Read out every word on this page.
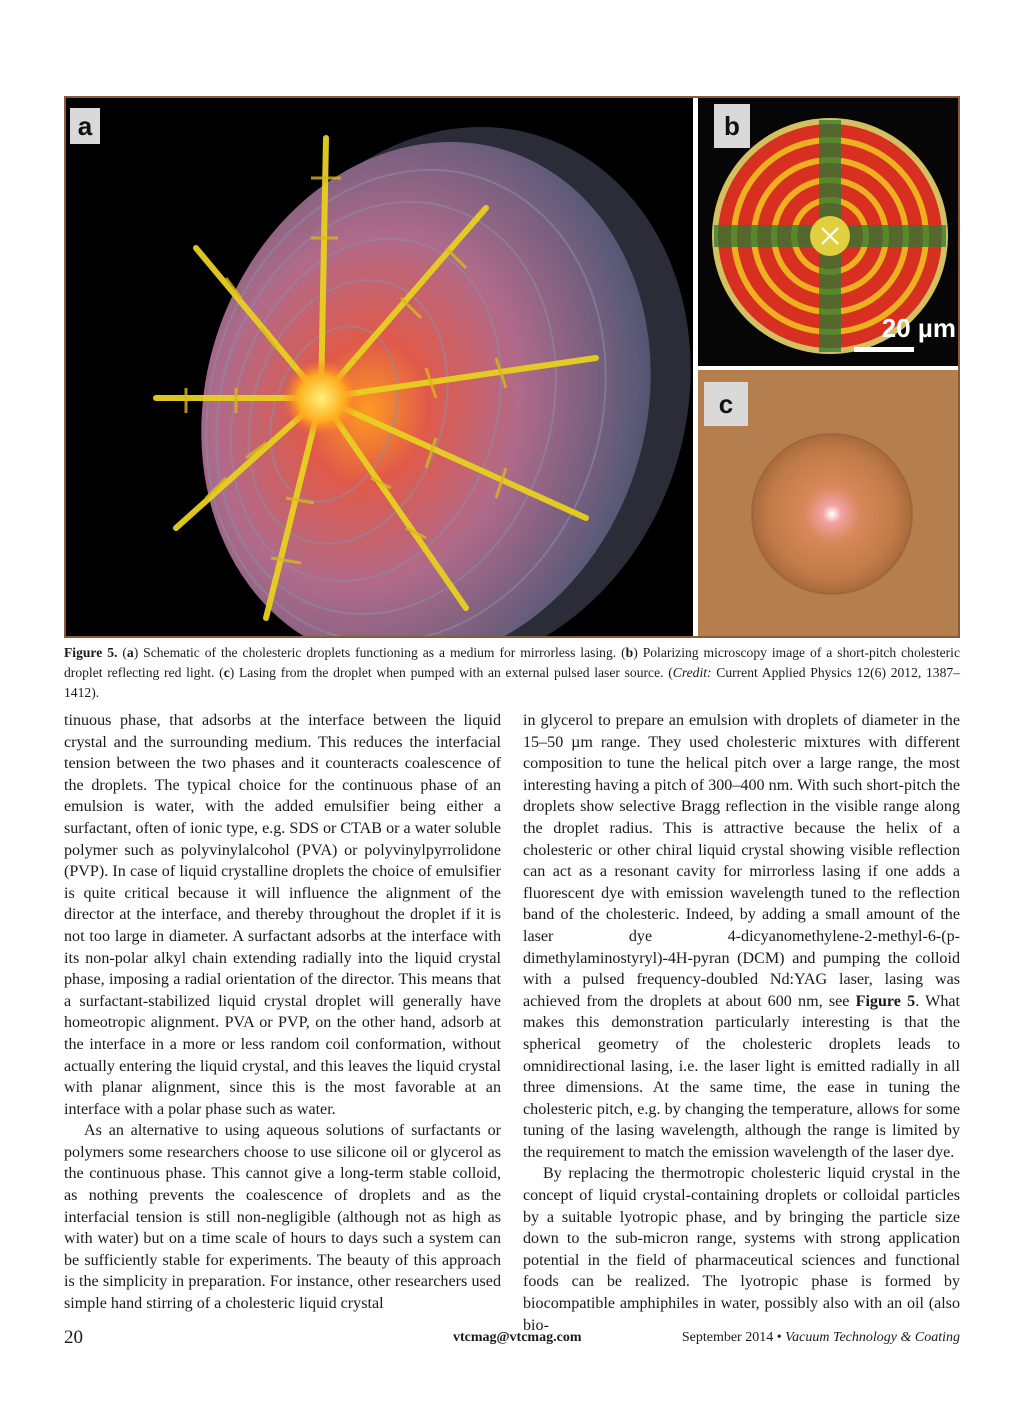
a	b
20 µm
c
Figure 5. (a) Schematic of the cholesteric droplets functioning as a medium for mirrorless lasing. (b) Polarizing microscopy image of a short-pitch cholesteric droplet reflecting red light. (c) Lasing from the droplet when pumped with an external pulsed laser source. (Credit: Current Applied Physics 12(6) 2012, 1387–1412).

tinuous phase, that adsorbs at the interface between the liquid crystal and the surrounding medium. This reduces the interfacial tension between the two phases and it counteracts coalescence of the droplets. The typical choice for the continuous phase of an emulsion is water, with the added emulsifier being either a surfactant, often of ionic type, e.g. SDS or CTAB or a water soluble polymer such as polyvinylalcohol (PVA) or polyvinylpyrrolidone (PVP). In case of liquid crystalline droplets the choice of emulsifier is quite critical because it will influence the alignment of the director at the interface, and thereby throughout the droplet if it is not too large in diameter. A surfactant adsorbs at the interface with its non-polar alkyl chain extending radially into the liquid crystal phase, imposing a radial orientation of the director. This means that a surfactant-stabilized liquid crystal droplet will generally have homeotropic alignment. PVA or PVP, on the other hand, adsorb at the interface in a more or less random coil conformation, without actually entering the liquid crystal, and this leaves the liquid crystal with planar alignment, since this is the most favorable at an interface with a polar phase such as water.

As an alternative to using aqueous solutions of surfactants or polymers some researchers choose to use silicone oil or glycerol as the continuous phase. This cannot give a long-term stable colloid, as nothing prevents the coalescence of droplets and as the interfacial tension is still non-negligible (although not as high as with water) but on a time scale of hours to days such a system can be sufficiently stable for experiments. The beauty of this approach is the simplicity in preparation. For instance, other researchers used simple hand stirring of a cholesteric liquid crystal

in glycerol to prepare an emulsion with droplets of diameter in the 15–50 µm range. They used cholesteric mixtures with different composition to tune the helical pitch over a large range, the most interesting having a pitch of 300–400 nm. With such short-pitch the droplets show selective Bragg reflection in the visible range along the droplet radius. This is attractive because the helix of a cholesteric or other chiral liquid crystal showing visible reflection can act as a resonant cavity for mirrorless lasing if one adds a fluorescent dye with emission wavelength tuned to the reflection band of the cholesteric. Indeed, by adding a small amount of the laser dye 4-dicyanomethylene-2-methyl-6-(p-dimethylaminostyryl)-4H-pyran (DCM) and pumping the colloid with a pulsed frequency-doubled Nd:YAG laser, lasing was achieved from the droplets at about 600 nm, see Figure 5. What makes this demonstration particularly interesting is that the spherical geometry of the cholesteric droplets leads to omnidirectional lasing, i.e. the laser light is emitted radially in all three dimensions. At the same time, the ease in tuning the cholesteric pitch, e.g. by changing the temperature, allows for some tuning of the lasing wavelength, although the range is limited by the requirement to match the emission wavelength of the laser dye.

By replacing the thermotropic cholesteric liquid crystal in the concept of liquid crystal-containing droplets or colloidal particles by a suitable lyotropic phase, and by bringing the particle size down to the sub-micron range, systems with strong application potential in the field of pharmaceutical sciences and functional foods can be realized. The lyotropic phase is formed by biocompatible amphiphiles in water, possibly also with an oil (also bio-

20	vtcmag@vtcmag.com	September 2014 • Vacuum Technology & Coating
